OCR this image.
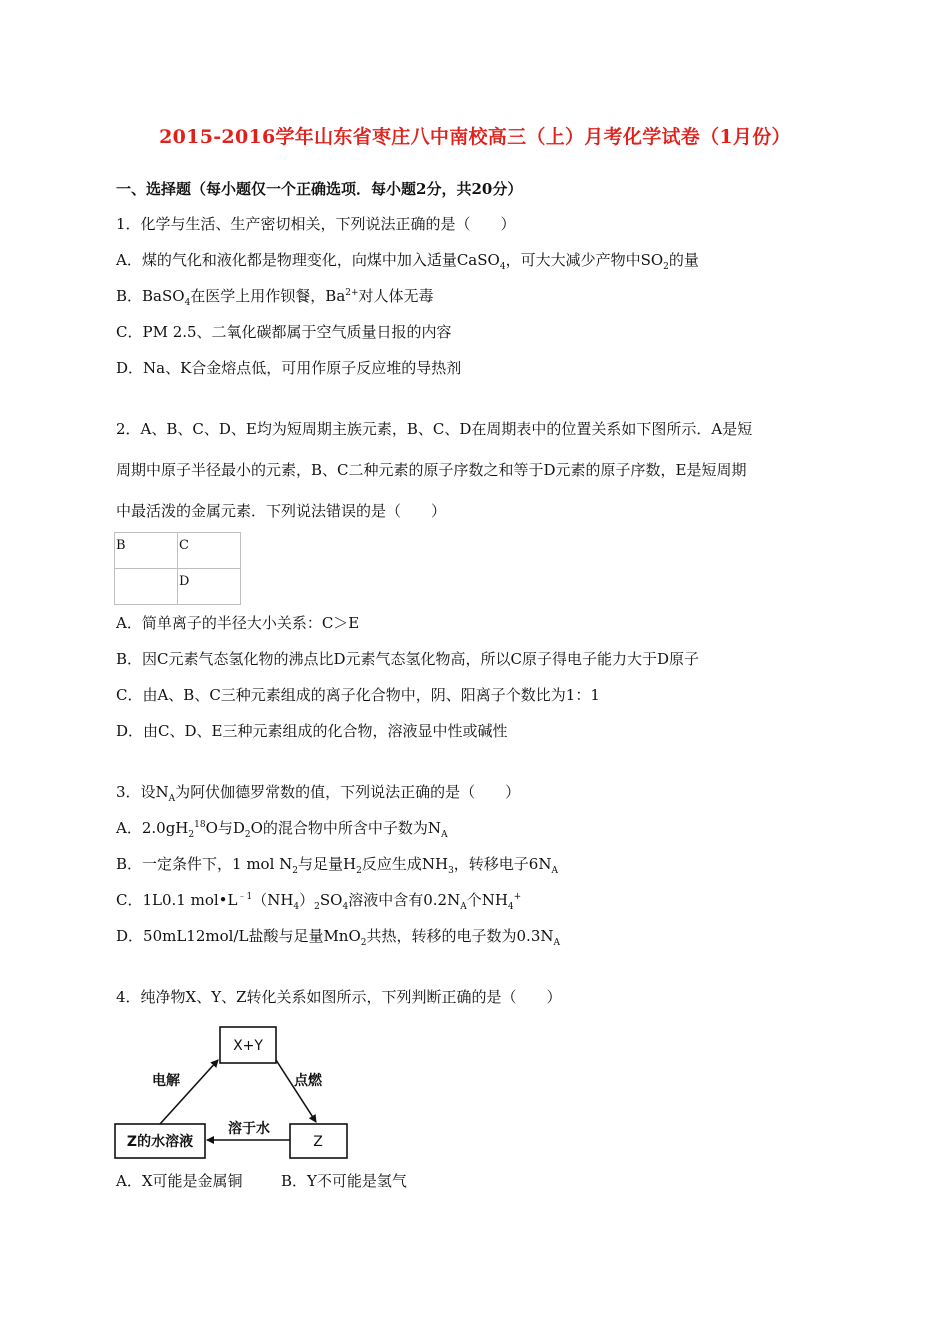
2015-2016学年山东省枣庄八中南校高三（上）月考化学试卷（1月份）
一、选择题（每小题仅一个正确选项．每小题2分，共20分）
1．化学与生活、生产密切相关，下列说法正确的是（　　）
A．煤的气化和液化都是物理变化，向煤中加入适量CaSO$_4$，可大大减少产物中$SO_2$的量
B．BaSO$_4$在医学上用作钡餐，$Ba^{2+}$对人体无毒
C．PM 2.5、二氧化碳都属于空气质量日报的内容
D．Na、K合金熔点低，可用作原子反应堆的导热剂
2．A、B、C、D、E均为短周期主族元素，B、C、D在周期表中的位置关系如下图所示．A是短
周期中原子半径最小的元素，B、C二种元素的原子序数之和等于D元素的原子序数，E是短周期
中最活泼的金属元素．下列说法错误的是（　　）
B	C
	D
A．简单离子的半径大小关系：C＞E
B．因C元素气态氢化物的沸点比D元素气态氢化物高，所以C原子得电子能力大于D原子
C．由A、B、C三种元素组成的离子化合物中，阴、阳离子个数比为1：1
D．由C、D、E三种元素组成的化合物，溶液显中性或碱性
3．设$N_A$为阿伏伽德罗常数的值，下列说法正确的是（　　）
A．$2.0gH_2^{18}O$与$D_2O$的混合物中所含中子数为$N_A$
B．一定条件下，1 mol $N_2$与足量$H_2$反应生成$NH_3$，转移电子$6N_A$
C．1L0.1 $mol•L^{﹣1}(NH_4)_2SO_4$溶液中含有$0.2N_A$个$NH_4^+$
D．50mL12mol/L盐酸与足量MnO$_2$共热，转移的电子数为$0.3N_A$
4．纯净物X、Y、Z转化关系如图所示，下列判断正确的是（　　）
X+Y
Z
Z的水溶液
电解	点燃
溶于水
A．X可能是金属铜	B．Y不可能是氢气
